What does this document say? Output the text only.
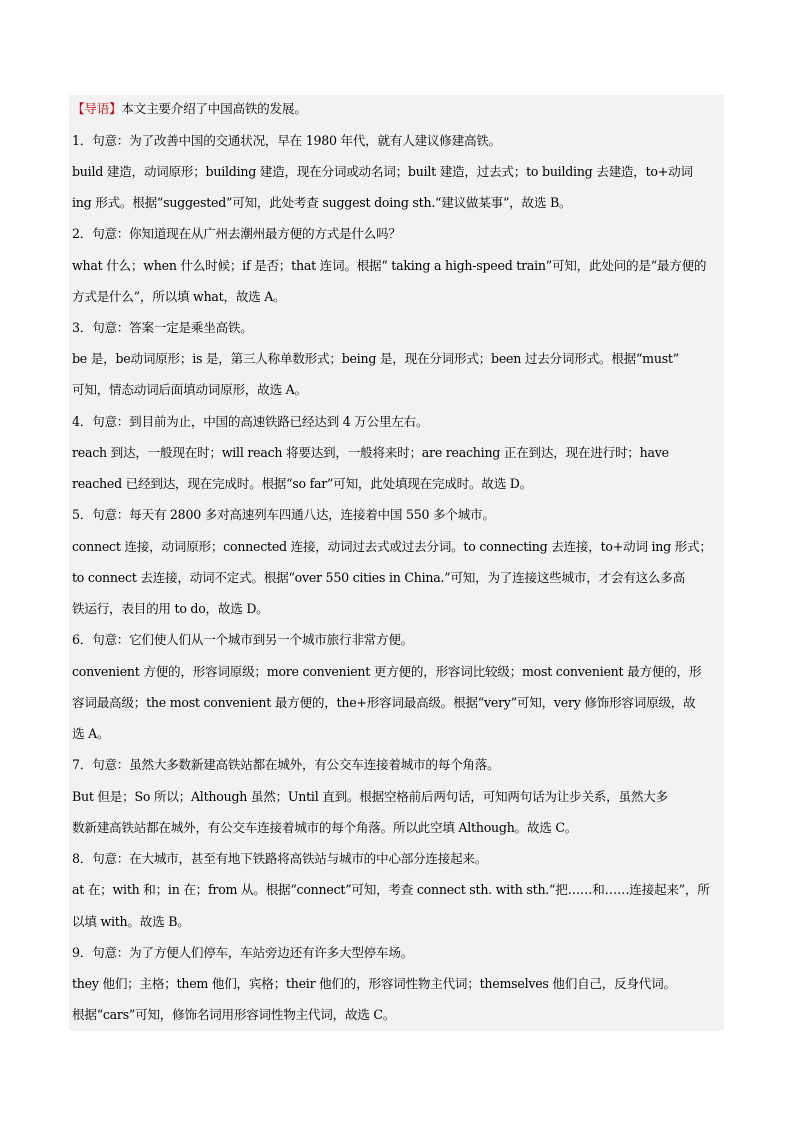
【导语】本文主要介绍了中国高铁的发展。
1．句意：为了改善中国的交通状况，早在 1980 年代，就有人建议修建高铁。
build 建造，动词原形；building 建造，现在分词或动名词；built 建造，过去式；to building 去建造，to+动词
ing 形式。根据“suggested”可知，此处考查 suggest doing sth.“建议做某事”，故选 B。
2．句意：你知道现在从广州去潮州最方便的方式是什么吗？
what 什么；when 什么时候；if 是否；that 连词。根据“ taking a high-speed train”可知，此处问的是“最方便的
方式是什么”，所以填 what，故选 A。
3．句意：答案一定是乘坐高铁。
be 是，be动词原形；is 是，第三人称单数形式；being 是，现在分词形式；been 过去分词形式。根据“must”
可知，情态动词后面填动词原形，故选 A。
4．句意：到目前为止，中国的高速铁路已经达到 4 万公里左右。
reach 到达，一般现在时；will reach 将要达到，一般将来时；are reaching 正在到达，现在进行时；have
reached 已经到达，现在完成时。根据“so far”可知，此处填现在完成时。故选 D。
5．句意：每天有 2800 多对高速列车四通八达，连接着中国 550 多个城市。
connect 连接，动词原形；connected 连接，动词过去式或过去分词。to connecting 去连接，to+动词 ing 形式；
to connect 去连接，动词不定式。根据“over 550 cities in China.”可知，为了连接这些城市，才会有这么多高
铁运行，表目的用 to do，故选 D。
6．句意：它们使人们从一个城市到另一个城市旅行非常方便。
convenient 方便的，形容词原级；more convenient 更方便的，形容词比较级；most convenient 最方便的，形
容词最高级；the most convenient 最方便的，the+形容词最高级。根据“very”可知，very 修饰形容词原级，故
选 A。
7．句意：虽然大多数新建高铁站都在城外，有公交车连接着城市的每个角落。
But 但是；So 所以；Although 虽然；Until 直到。根据空格前后两句话，可知两句话为让步关系，虽然大多
数新建高铁站都在城外，有公交车连接着城市的每个角落。所以此空填 Although。故选 C。
8．句意：在大城市，甚至有地下铁路将高铁站与城市的中心部分连接起来。
at 在；with 和；in 在；from 从。根据“connect”可知，考查 connect sth. with sth.“把……和……连接起来”，所
以填 with。故选 B。
9．句意：为了方便人们停车，车站旁边还有许多大型停车场。
they 他们；主格；them 他们，宾格；their 他们的，形容词性物主代词；themselves 他们自己，反身代词。
根据“cars”可知，修饰名词用形容词性物主代词，故选 C。
